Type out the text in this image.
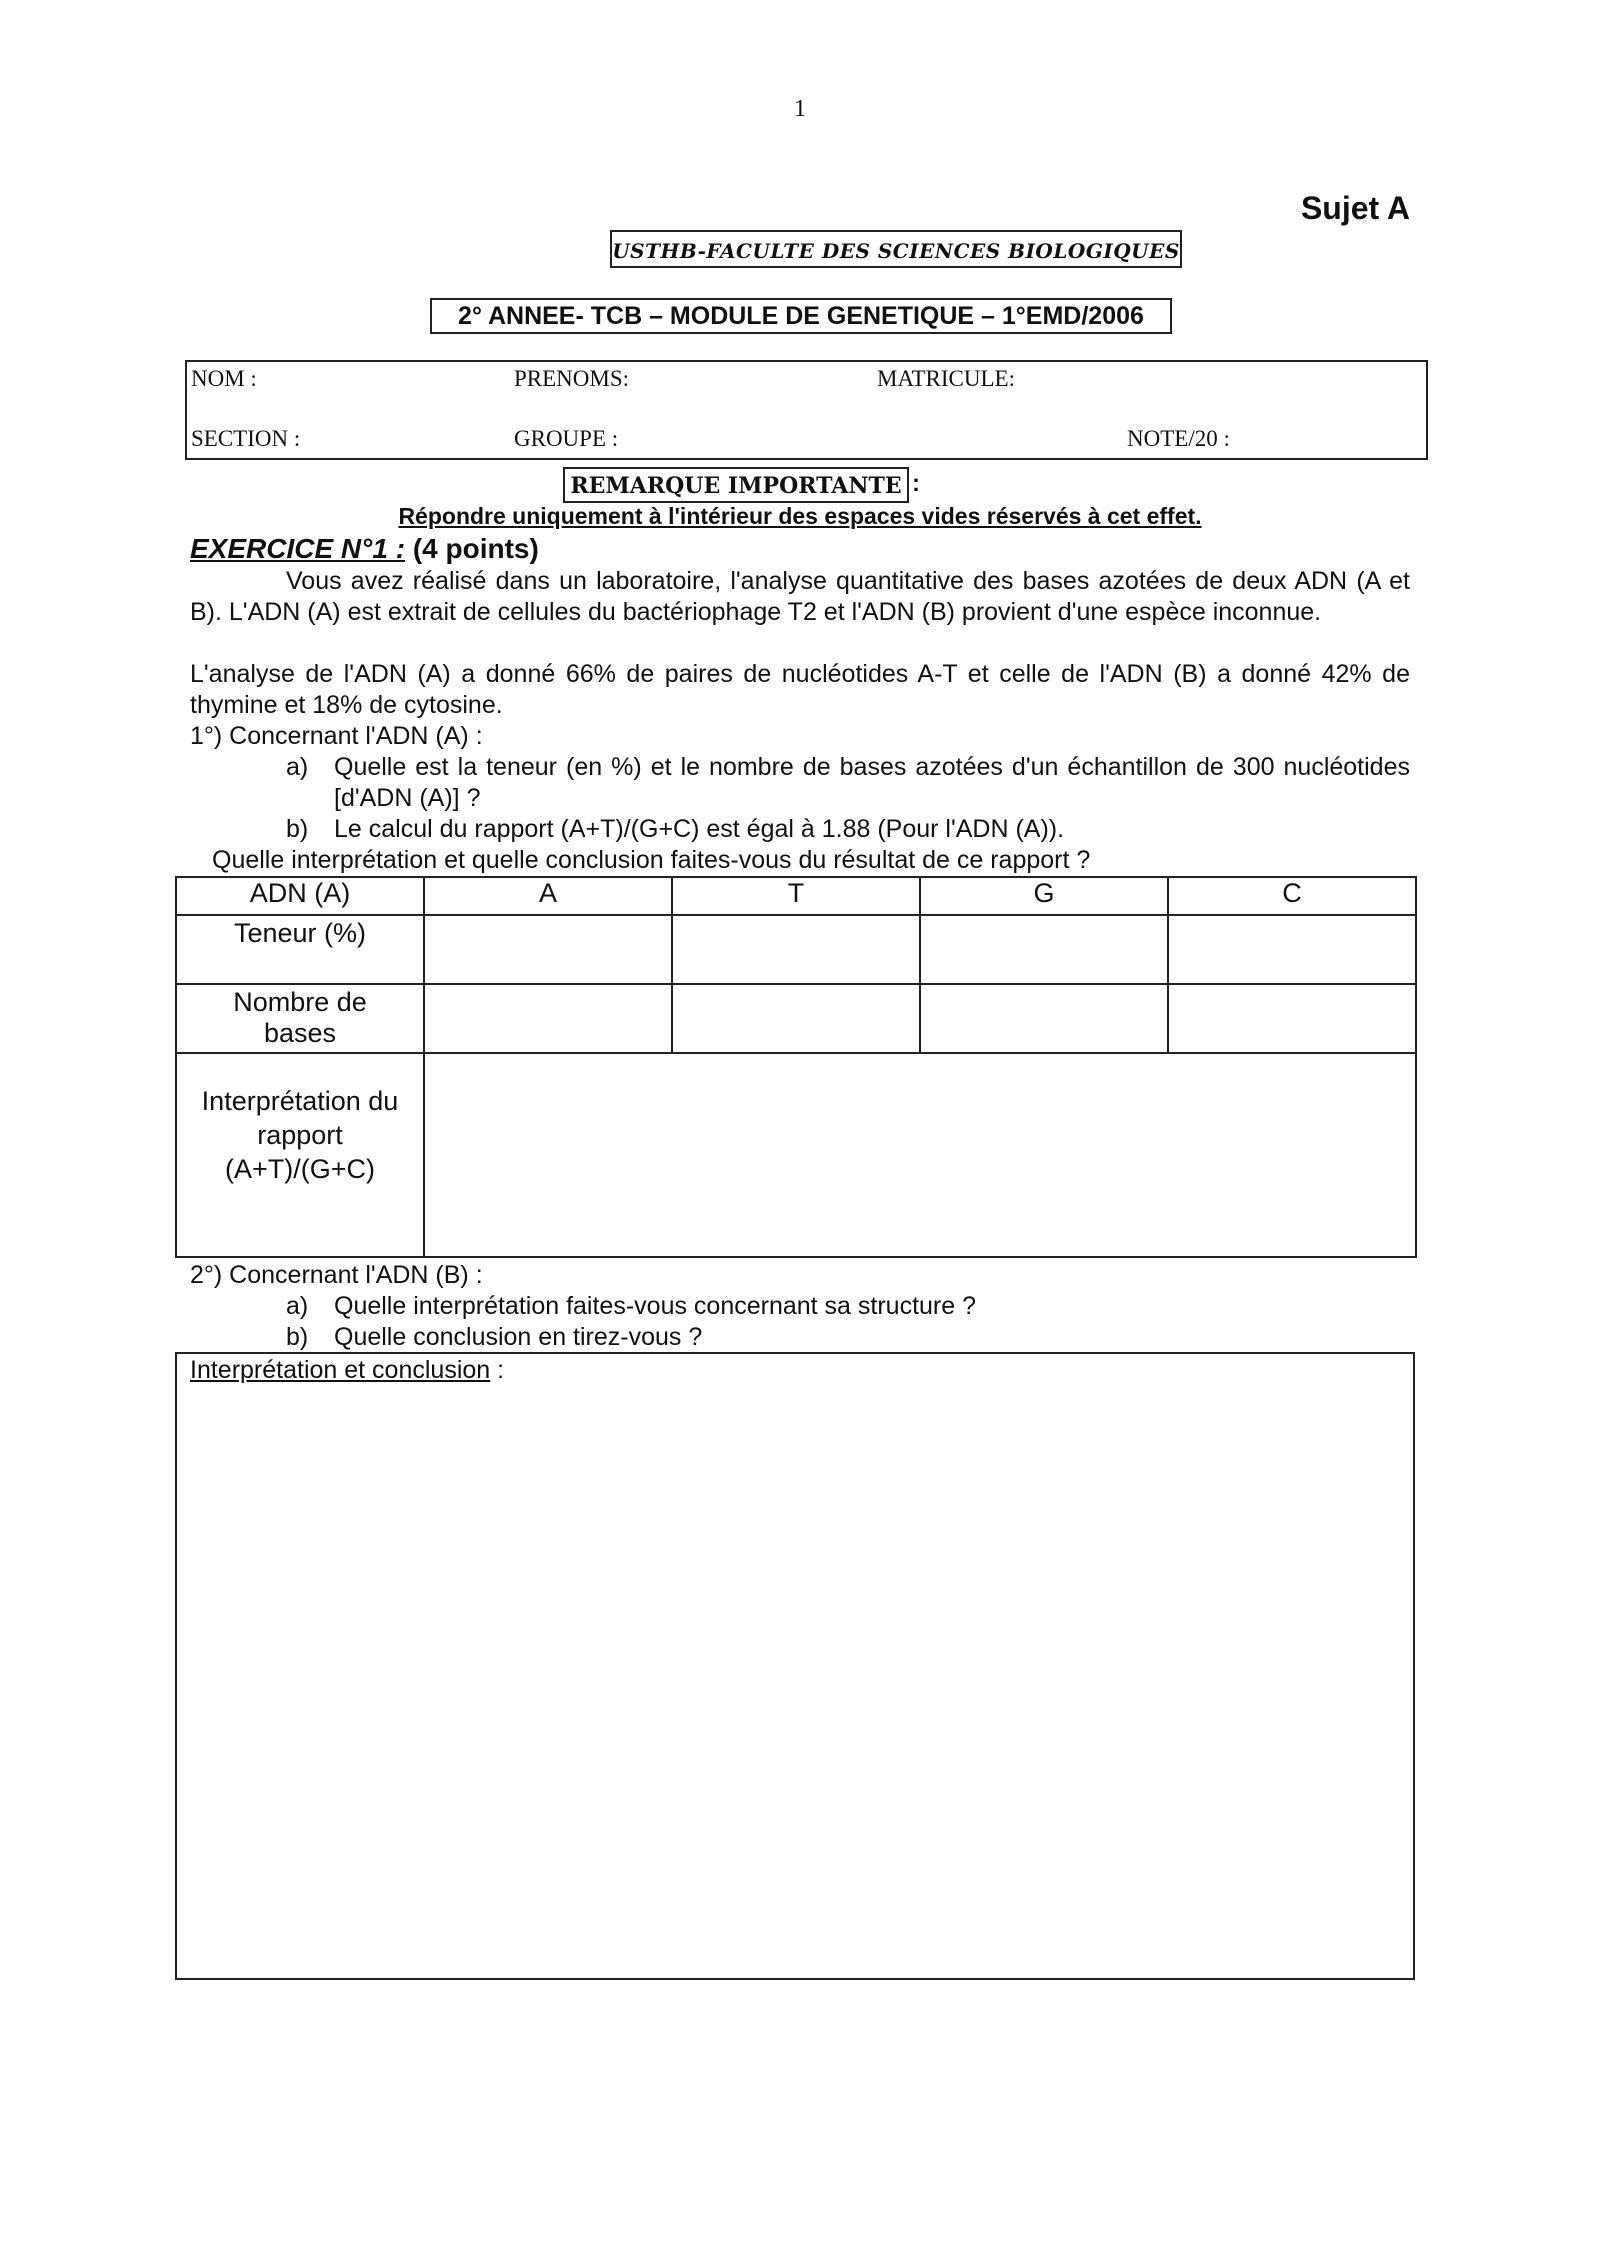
1
Sujet A
USTHB-FACULTE DES SCIENCES BIOLOGIQUES
2° ANNEE- TCB – MODULE DE GENETIQUE – 1°EMD/2006
NOM :	PRENOMS:	MATRICULE:
SECTION :	GROUPE :	NOTE/20 :
REMARQUE IMPORTANTE :
Répondre uniquement à l'intérieur des espaces vides réservés à cet effet.
EXERCICE N°1 : (4 points)
Vous avez réalisé dans un laboratoire, l'analyse quantitative des bases azotées de deux ADN (A et B). L'ADN (A) est extrait de cellules du bactériophage T2 et l'ADN (B) provient d'une espèce inconnue.
L'analyse de l'ADN (A) a donné 66% de paires de nucléotides A-T et celle de l'ADN (B) a donné 42% de thymine et 18% de cytosine.
1°) Concernant l'ADN (A) :
a) Quelle est la teneur (en %) et le nombre de bases azotées d'un échantillon de 300 nucléotides [d'ADN (A)] ?
b) Le calcul du rapport (A+T)/(G+C) est égal à 1.88 (Pour l'ADN (A)).
Quelle interprétation et quelle conclusion faites-vous du résultat de ce rapport ?
ADN (A)	A	T	G	C
Teneur (%)				
Nombre de bases				

Interprétation du
rapport
(A+T)/(G+C)				

2°) Concernant l'ADN (B) :
a) Quelle interprétation faites-vous concernant sa structure ?
b) Quelle conclusion en tirez-vous ?
Interprétation et conclusion :
